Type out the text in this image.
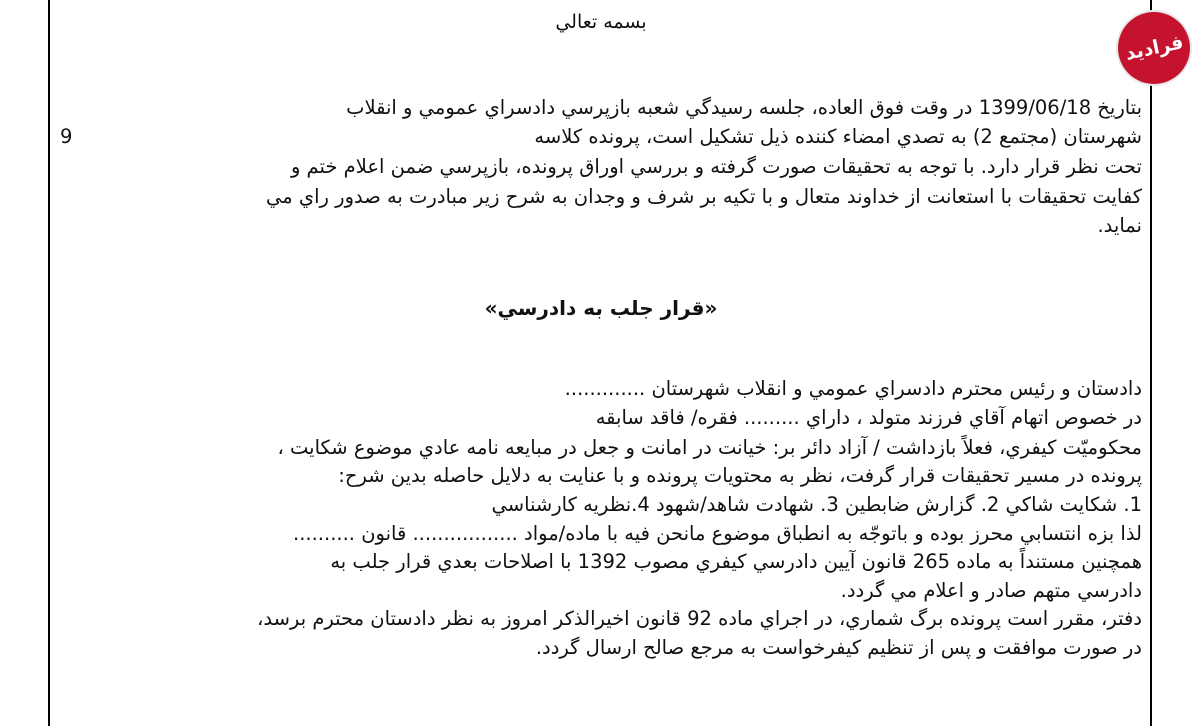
فرادید
بسمه تعالي
بتاريخ 1399/06/18 در وقت فوق العاده، جلسه رسيدگي شعبه بازپرسي دادسراي عمومي و انقلاب
شهرستان (مجتمع 2) به تصدي امضاء كننده ذيل تشكيل است، پرونده كلاسه
9
تحت نظر قرار دارد. با توجه به تحقيقات صورت گرفته و بررسي اوراق پرونده، بازپرسي ضمن اعلام ختم و
كفايت تحقيقات با استعانت از خداوند متعال و با تكيه بر شرف و وجدان به شرح زير مبادرت به صدور راي مي
نمايد.
«قرار جلب به دادرسي»
دادستان و رئيس محترم دادسراي عمومي و انقلاب شهرستان .............
در خصوص اتهام آقاي فرزند متولد ، داراي ......... فقره/ فاقد سابقه
محكوميّت كيفري، فعلاً بازداشت / آزاد دائر بر: خيانت در امانت و جعل در مبايعه نامه عادي موضوع شكايت ،
پرونده در مسير تحقيقات قرار گرفت، نظر به محتويات پرونده و با عنايت به دلايل حاصله بدين شرح:
1. شكايت شاكي 2. گزارش ضابطين 3. شهادت شاهد/شهود 4.نظريه كارشناسي
لذا بزه انتسابي محرز بوده و باتوجّه به انطباق موضوع مانحن فيه با ماده/مواد ................. قانون ..........
همچنين مستنداً به ماده 265 قانون آيين دادرسي كيفري مصوب 1392 با اصلاحات بعدي قرار جلب به
دادرسي متهم صادر و اعلام مي گردد.
دفتر، مقرر است پرونده برگ شماري، در اجراي ماده 92 قانون اخيرالذكر امروز به نظر دادستان محترم برسد،
در صورت موافقت و پس از تنظيم كيفرخواست به مرجع صالح ارسال گردد.
